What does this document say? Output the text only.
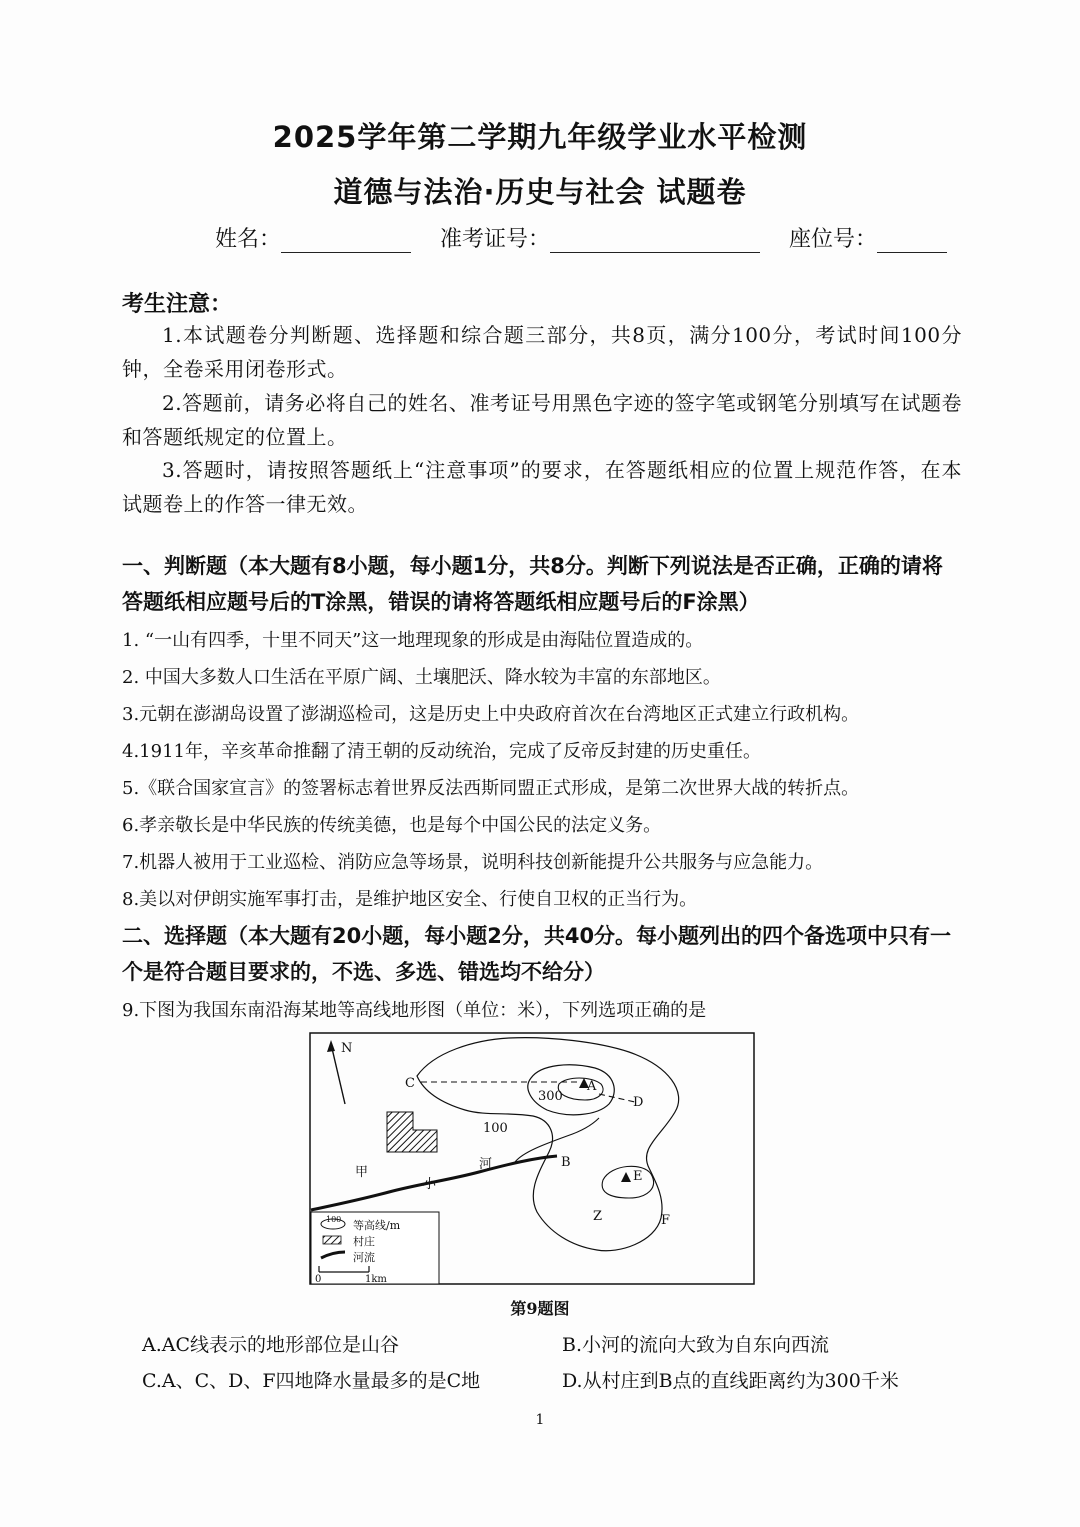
2025学年第二学期九年级学业水平检测
道德与法治·历史与社会 试题卷
姓名：	准考证号：	座位号：
考生注意：
1.本试题卷分判断题、选择题和综合题三部分，共8页，满分100分，考试时间100分钟，全卷采用闭卷形式。
2.答题前，请务必将自己的姓名、准考证号用黑色字迹的签字笔或钢笔分别填写在试题卷和答题纸规定的位置上。
3.答题时，请按照答题纸上“注意事项”的要求，在答题纸相应的位置上规范作答，在本试题卷上的作答一律无效。
一、判断题（本大题有8小题，每小题1分，共8分。判断下列说法是否正确，正确的请将答题纸相应题号后的T涂黑，错误的请将答题纸相应题号后的F涂黑）
1. “一山有四季，十里不同天”这一地理现象的形成是由海陆位置造成的。
2. 中国大多数人口生活在平原广阔、土壤肥沃、降水较为丰富的东部地区。
3.元朝在澎湖岛设置了澎湖巡检司，这是历史上中央政府首次在台湾地区正式建立行政机构。
4.1911年，辛亥革命推翻了清王朝的反动统治，完成了反帝反封建的历史重任。
5.《联合国家宣言》的签署标志着世界反法西斯同盟正式形成，是第二次世界大战的转折点。
6.孝亲敬长是中华民族的传统美德，也是每个中国公民的法定义务。
7.机器人被用于工业巡检、消防应急等场景，说明科技创新能提升公共服务与应急能力。
8.美以对伊朗实施军事打击，是维护地区安全、行使自卫权的正当行为。
二、选择题（本大题有20小题，每小题2分，共40分。每小题列出的四个备选项中只有一个是符合题目要求的，不选、多选、错选均不给分）
9.下图为我国东南沿海某地等高线地形图（单位：米），下列选项正确的是
N
C	A
300	D
100
B
E
Z	F
甲
小
河
100 等高线/m
村庄
河流
0	1km
第9题图
A.AC线表示的地形部位是山谷	B.小河的流向大致为自东向西流
C.A、C、D、F四地降水量最多的是C地	D.从村庄到B点的直线距离约为300千米
1
